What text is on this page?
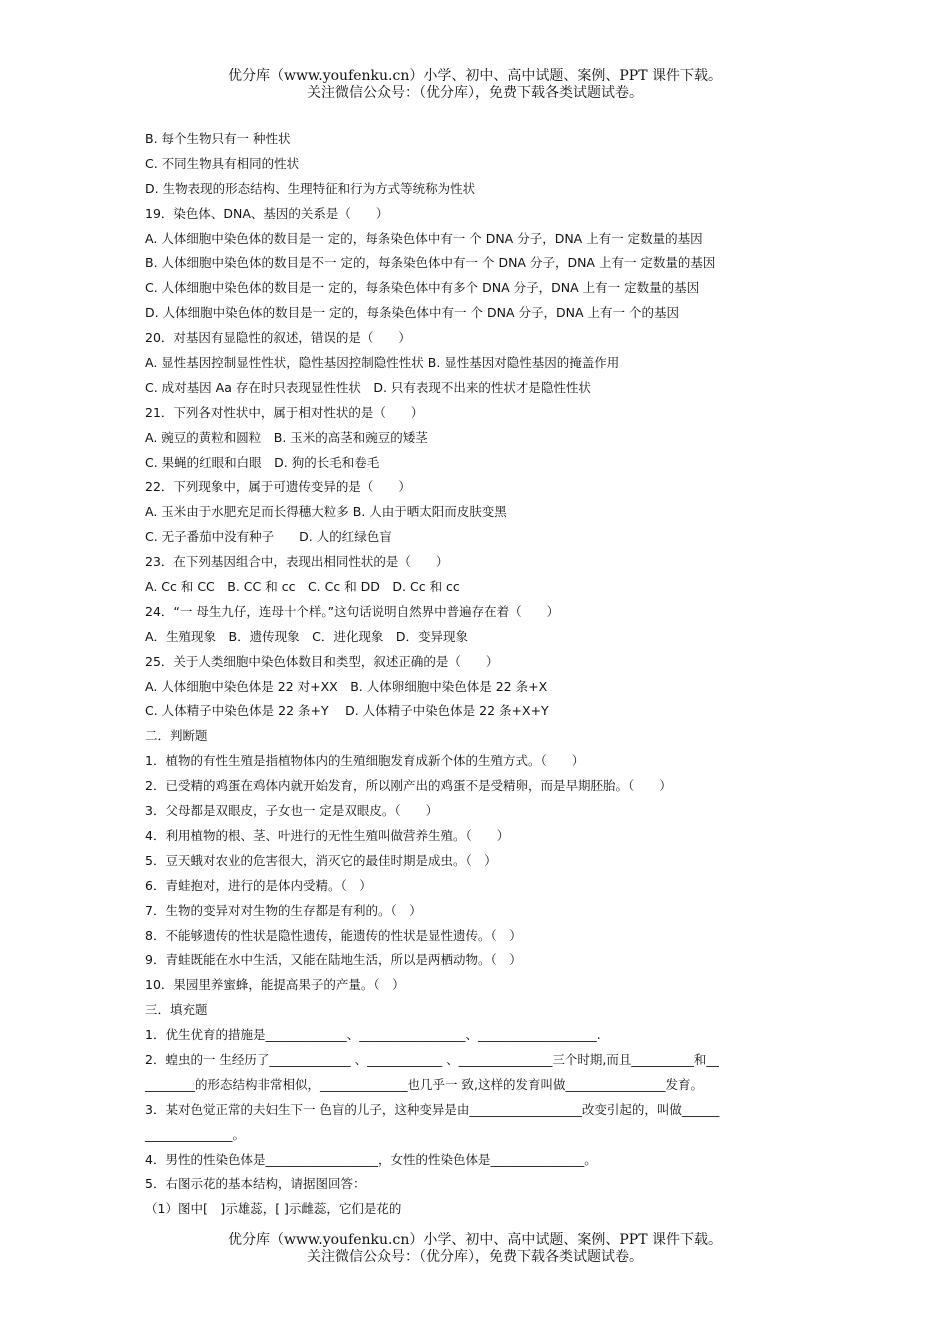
优分库（www.youfenku.cn）小学、初中、高中试题、案例、PPT 课件下载。
关注微信公众号：（优分库），免费下载各类试题试卷。
B. 每个生物只有一 种性状
C. 不同生物具有相同的性状
D. 生物表现的形态结构、生理特征和行为方式等统称为性状
19．染色体、DNA、基因的关系是（　　）
A. 人体细胞中染色体的数目是一 定的，每条染色体中有一 个 DNA 分子，DNA 上有一 定数量的基因
B. 人体细胞中染色体的数目是不一 定的，每条染色体中有一 个 DNA 分子，DNA 上有一 定数量的基因
C. 人体细胞中染色体的数目是一 定的，每条染色体中有多个 DNA 分子，DNA 上有一 定数量的基因
D. 人体细胞中染色体的数目是一 定的，每条染色体中有一 个 DNA 分子，DNA 上有一 个的基因
20．对基因有显隐性的叙述，错误的是（　　）
A. 显性基因控制显性性状，隐性基因控制隐性性状 B. 显性基因对隐性基因的掩盖作用
C. 成对基因 Aa 存在时只表现显性性状　D. 只有表现不出来的性状才是隐性性状
21．下列各对性状中，属于相对性状的是（　　）
A. 豌豆的黄粒和圆粒　B. 玉米的高茎和豌豆的矮茎
C. 果蝇的红眼和白眼　D. 狗的长毛和卷毛
22．下列现象中，属于可遗传变异的是（　　）
A. 玉米由于水肥充足而长得穗大粒多 B. 人由于晒太阳而皮肤变黑
C. 无子番茄中没有种子　　D. 人的红绿色盲
23．在下列基因组合中，表现出相同性状的是（　　）
A. Cc 和 CC　B. CC 和 cc　C. Cc 和 DD　D. Cc 和 cc
24．“一 母生九仔，连母十个样。”这句话说明自然界中普遍存在着（　　）
A．生殖现象　B．遗传现象　C．进化现象　D．变异现象
25．关于人类细胞中染色体数目和类型，叙述正确的是（　　）
A. 人体细胞中染色体是 22 对+XX　B. 人体卵细胞中染色体是 22 条+X
C. 人体精子中染色体是 22 条+Y　 D. 人体精子中染色体是 22 条+X+Y
二．判断题
1．植物的有性生殖是指植物体内的生殖细胞发育成新个体的生殖方式。（　　）
2．已受精的鸡蛋在鸡体内就开始发育，所以刚产出的鸡蛋不是受精卵，而是早期胚胎。（　　）
3．父母都是双眼皮，子女也一 定是双眼皮。（　　）
4．利用植物的根、茎、叶进行的无性生殖叫做营养生殖。（　　）
5．豆天蛾对农业的危害很大，消灭它的最佳时期是成虫。（　）
6．青蛙抱对，进行的是体内受精。（　）
7．生物的变异对对生物的生存都是有利的。（　）
8．不能够遗传的性状是隐性遗传，能遗传的性状是显性遗传。（　）
9．青蛙既能在水中生活，又能在陆地生活，所以是两栖动物。（　）
10．果园里养蜜蜂，能提高果子的产量。（　）
三．填充题
1．优生优育的措施是_____________、_________________、___________________.
2．蝗虫的一 生经历了_____________ 、____________ 、_______________三个时期,而且__________和__
________的形态结构非常相似，______________也几乎一 致,这样的发育叫做________________发育。
3．某对色觉正常的夫妇生下一 色盲的儿子，这种变异是由__________________改变引起的，叫做______
______________。
4．男性的性染色体是__________________，女性的性染色体是_______________。
5．右图示花的基本结构，请据图回答：
（1）图中[　]示雄蕊，[ ]示雌蕊，它们是花的
优分库（www.youfenku.cn）小学、初中、高中试题、案例、PPT 课件下载。
关注微信公众号：（优分库），免费下载各类试题试卷。
